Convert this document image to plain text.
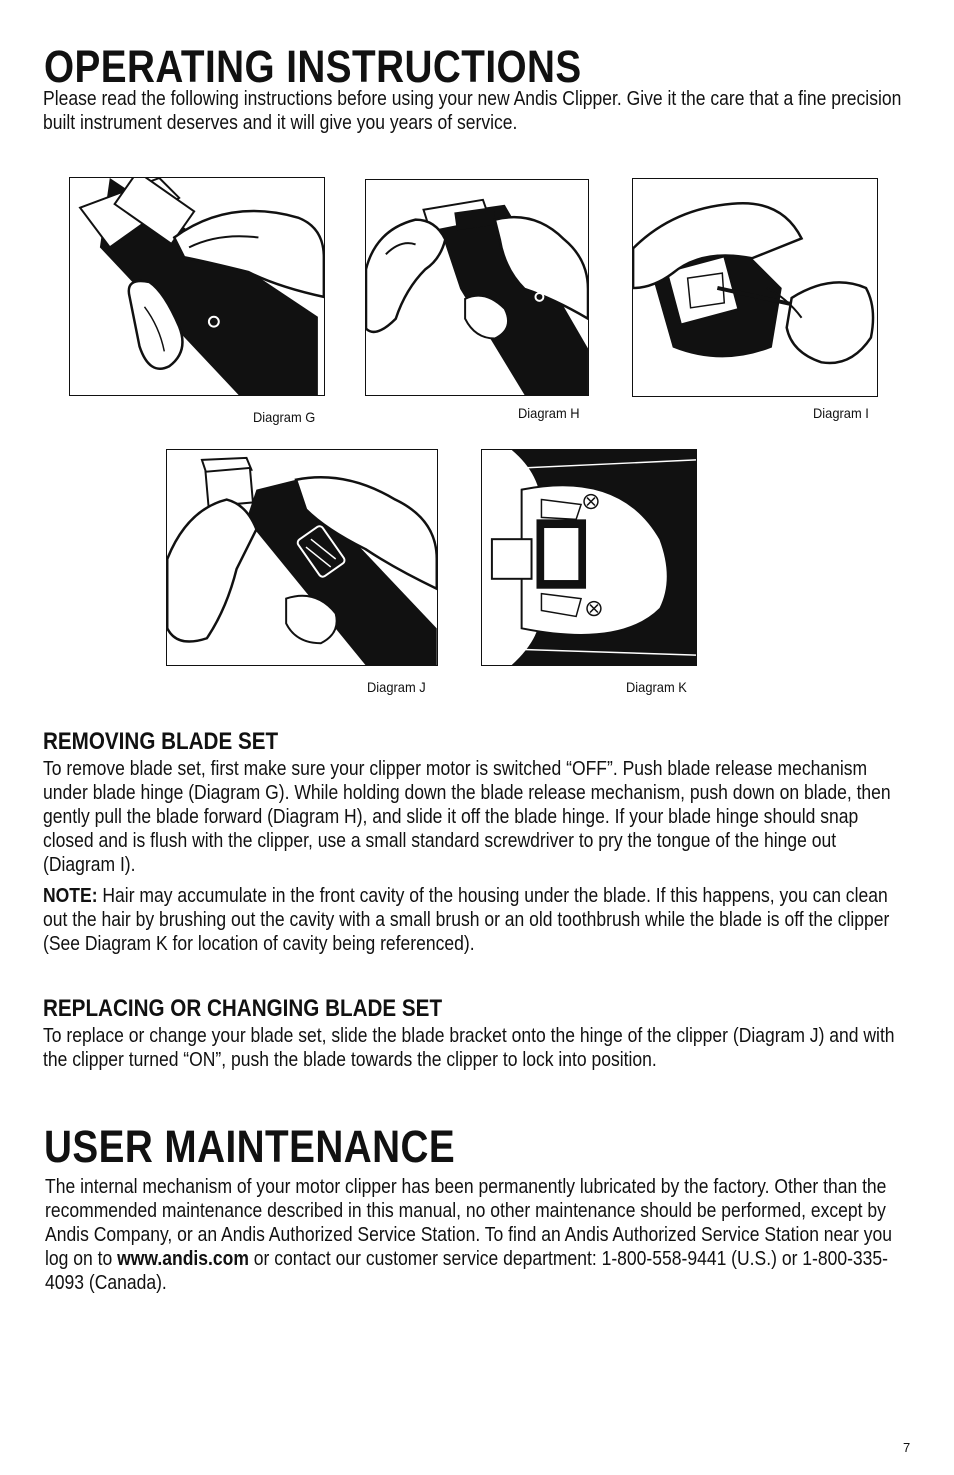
OPERATING INSTRUCTIONS

Please read the following instructions before using your new Andis Clipper. Give it the care that a fine precision built instrument deserves and it will give you years of service.

Diagram G	Diagram H	Diagram I
Diagram J	Diagram K
REMOVING BLADE SET

To remove blade set, first make sure your clipper motor is switched “OFF”. Push blade release mechanism under blade hinge (Diagram G). While holding down the blade release mechanism, push down on blade, then gently pull the blade forward (Diagram H), and slide it off the blade hinge. If your blade hinge should snap closed and is flush with the clipper, use a small standard screwdriver to pry the tongue of the hinge out (Diagram I).

NOTE: Hair may accumulate in the front cavity of the housing under the blade. If this happens, you can clean out the hair by brushing out the cavity with a small brush or an old toothbrush while the blade is off the clipper (See Diagram K for location of cavity being referenced).

REPLACING OR CHANGING BLADE SET

To replace or change your blade set, slide the blade bracket onto the hinge of the clipper (Diagram J) and with the clipper turned “ON”, push the blade towards the clipper to lock into position.

USER MAINTENANCE

The internal mechanism of your motor clipper has been permanently lubricated by the factory. Other than the recommended maintenance described in this manual, no other maintenance should be performed, except by Andis Company, or an Andis Authorized Service Station. To find an Andis Authorized Service Station near you log on to www.andis.com or contact our customer service department: 1-800-558-9441 (U.S.) or 1-800-335-4093 (Canada).

7
